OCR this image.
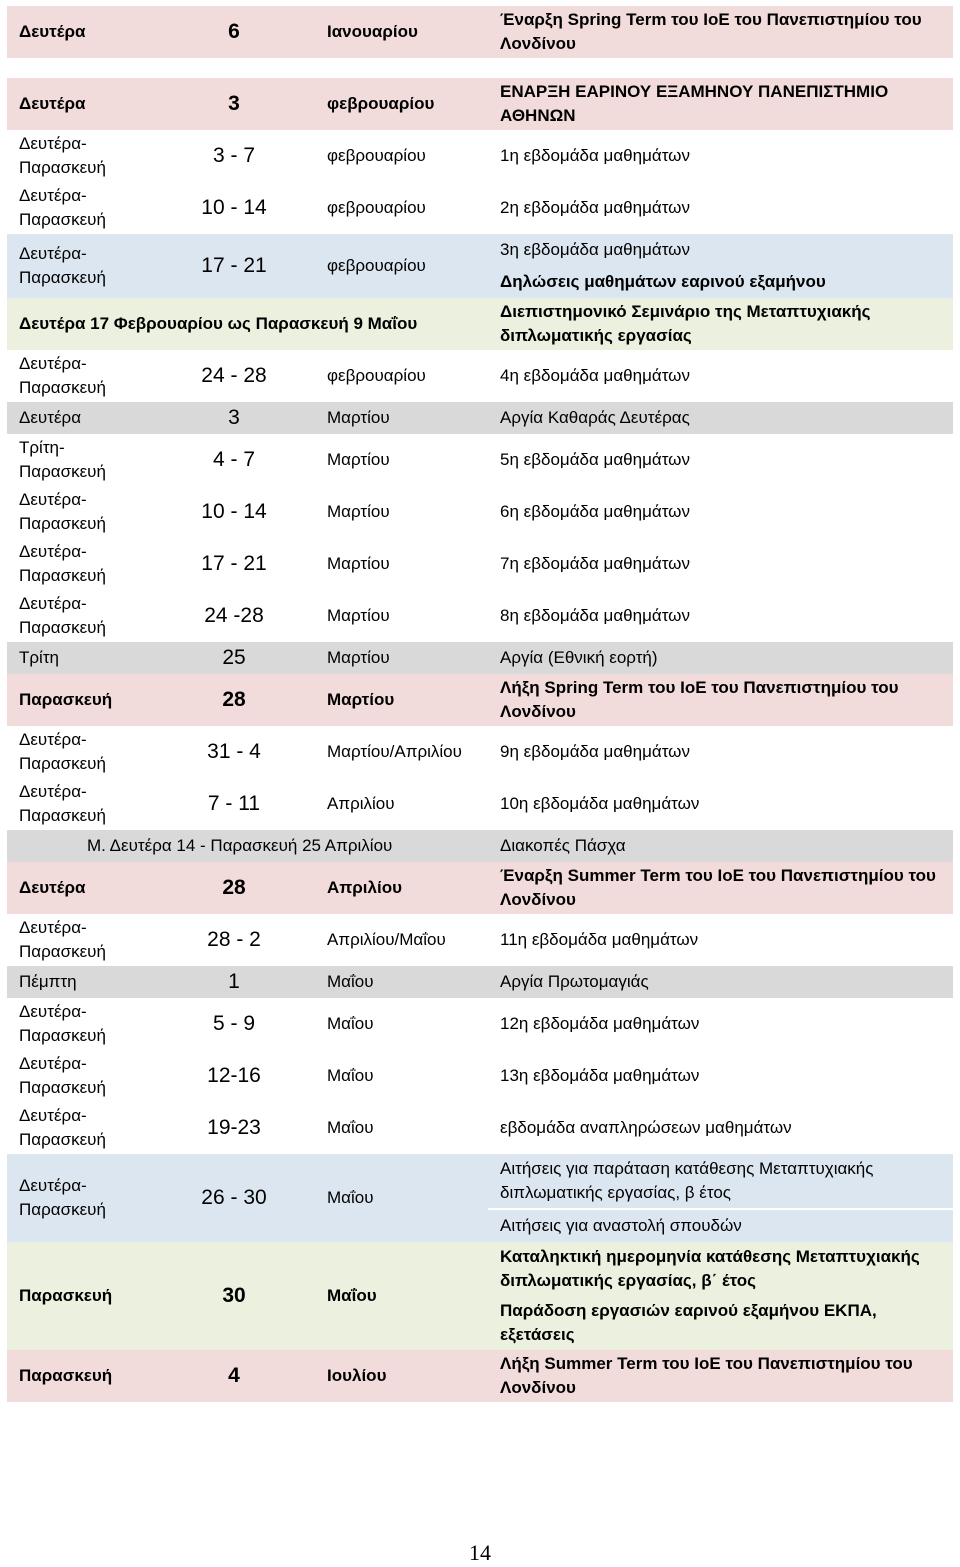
Δευτέρα	6	Ιανουαρίου	Έναρξη Spring Term του IoE του Πανεπιστημίου του Λονδίνου

Δευτέρα	3	φεβρουαρίου	ΕΝΑΡΞΗ ΕΑΡΙΝΟΥ ΕΞΑΜΗΝΟΥ ΠΑΝΕΠΙΣΤΗΜΙΟ ΑΘΗΝΩΝ
Δευτέρα-Παρασκευή	3 - 7	φεβρουαρίου	1η εβδομάδα μαθημάτων
Δευτέρα-Παρασκευή	10 - 14	φεβρουαρίου	2η εβδομάδα μαθημάτων
Δευτέρα-Παρασκευή	17 - 21	φεβρουαρίου	3η εβδομάδα μαθημάτων
			Δηλώσεις μαθημάτων εαρινού εξαμήνου
Δευτέρα 17 Φεβρουαρίου ως Παρασκευή 9 Μαΐου			Διεπιστημονικό Σεμινάριο της Μεταπτυχιακής διπλωματικής εργασίας
Δευτέρα-Παρασκευή	24 - 28	φεβρουαρίου	4η εβδομάδα μαθημάτων
Δευτέρα	3	Μαρτίου	Αργία Καθαράς Δευτέρας
Τρίτη-Παρασκευή	4 - 7	Μαρτίου	5η εβδομάδα μαθημάτων
Δευτέρα-Παρασκευή	10 - 14	Μαρτίου	6η εβδομάδα μαθημάτων
Δευτέρα-Παρασκευή	17 - 21	Μαρτίου	7η εβδομάδα μαθημάτων
Δευτέρα-Παρασκευή	24 -28	Μαρτίου	8η εβδομάδα μαθημάτων
Τρίτη	25	Μαρτίου	Αργία (Εθνική εορτή)
Παρασκευή	28	Μαρτίου	Λήξη Spring Term του IoE του Πανεπιστημίου του Λονδίνου
Δευτέρα-Παρασκευή	31 - 4	Μαρτίου/Απριλίου	9η εβδομάδα μαθημάτων
Δευτέρα-Παρασκευή	7 - 11	Απριλίου	10η εβδομάδα μαθημάτων
Μ. Δευτέρα 14 - Παρασκευή 25 Απριλίου			Διακοπές Πάσχα
Δευτέρα	28	Απριλίου	Έναρξη Summer Term του IoE του Πανεπιστημίου του Λονδίνου
Δευτέρα-Παρασκευή	28 - 2	Απριλίου/Μαΐου	11η εβδομάδα μαθημάτων
Πέμπτη	1	Μαΐου	Αργία Πρωτομαγιάς
Δευτέρα-Παρασκευή	5 - 9	Μαΐου	12η εβδομάδα μαθημάτων
Δευτέρα-Παρασκευή	12-16	Μαΐου	13η εβδομάδα μαθημάτων
Δευτέρα-Παρασκευή	19-23	Μαΐου	εβδομάδα αναπληρώσεων μαθημάτων
Δευτέρα-Παρασκευή	26 - 30	Μαΐου	Αιτήσεις για παράταση κατάθεσης Μεταπτυχιακής διπλωματικής εργασίας, β έτος
			Αιτήσεις για αναστολή σπουδών
Παρασκευή	30	Μαΐου	Καταληκτική ημερομηνία κατάθεσης Μεταπτυχιακής διπλωματικής εργασίας, β΄ έτος
			Παράδοση εργασιών εαρινού εξαμήνου ΕΚΠΑ, εξετάσεις
Παρασκευή	4	Ιουλίου	Λήξη Summer Term του IoE του Πανεπιστημίου του Λονδίνου
14
